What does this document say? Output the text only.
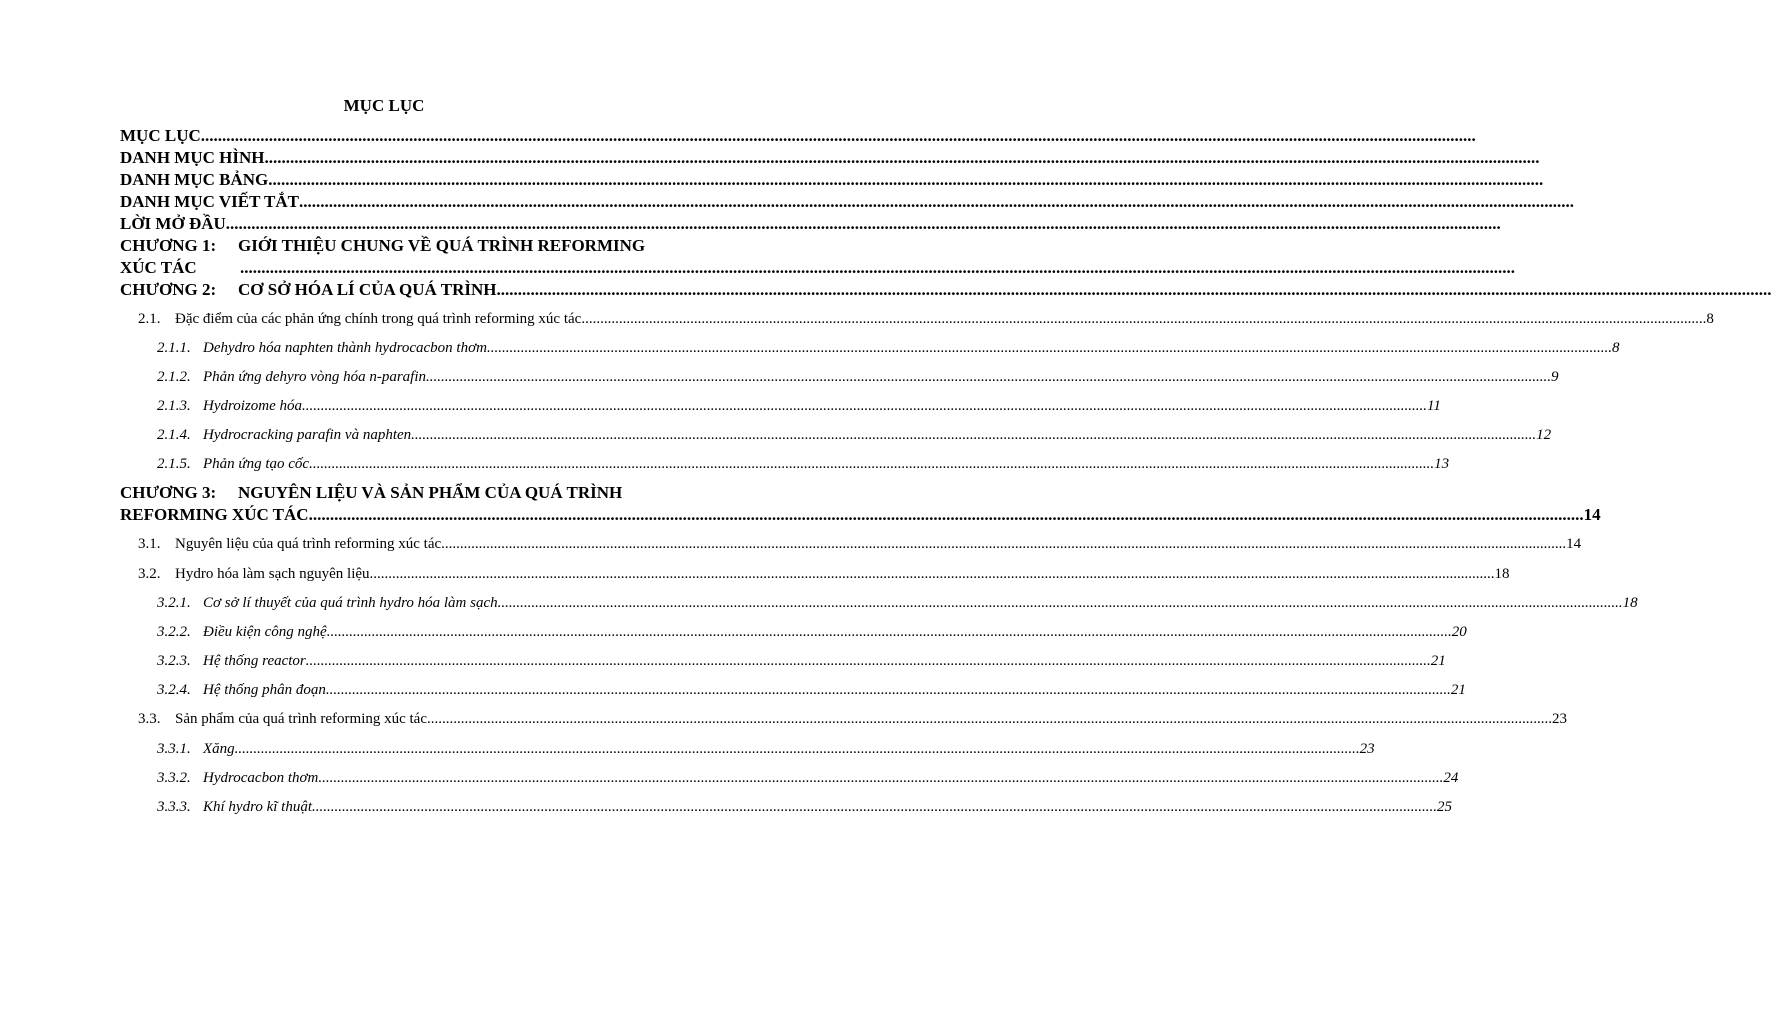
MỤC LỤC
MỤC LỤC ............................................................................................................................................................................................................................................................................................................
DANH MỤC HÌNH ............................................................................................................................................................................................................................................................................................................
DANH MỤC BẢNG ............................................................................................................................................................................................................................................................................................................
DANH MỤC VIẾT TẮT ............................................................................................................................................................................................................................................................................................................
LỜI MỞ ĐẦU ............................................................................................................................................................................................................................................................................................................
CHƯƠNG 1: GIỚI THIỆU CHUNG VỀ QUÁ TRÌNH REFORMING
XÚC TÁC	............................................................................................................................................................................................................................................................................................................
CHƯƠNG 2: CƠ SỞ HÓA LÍ CỦA QUÁ TRÌNH ............................................................................................................................................................................................................................................................................................................
2.1. Đặc điểm của các phản ứng chính trong quá trình reforming xúc tác ............................................................................................................................................................................................................................................................................................................ 8
2.1.1. Dehydro hóa naphten thành hydrocacbon thơm ............................................................................................................................................................................................................................................................................................................ 8
2.1.2. Phản ứng dehyro vòng hóa n-parafin ............................................................................................................................................................................................................................................................................................................ 9
2.1.3. Hydroizome hóa ............................................................................................................................................................................................................................................................................................................ 11
2.1.4. Hydrocracking parafin và naphten ............................................................................................................................................................................................................................................................................................................ 12
2.1.5. Phản ứng tạo cốc ............................................................................................................................................................................................................................................................................................................ 13
CHƯƠNG 3: NGUYÊN LIỆU VÀ SẢN PHẨM CỦA QUÁ TRÌNH
REFORMING XÚC TÁC ............................................................................................................................................................................................................................................................................................................ 14
3.1. Nguyên liệu của quá trình reforming xúc tác ............................................................................................................................................................................................................................................................................................................ 14
3.2. Hydro hóa làm sạch nguyên liệu ............................................................................................................................................................................................................................................................................................................ 18
3.2.1. Cơ sở lí thuyết của quá trình hydro hóa làm sạch ............................................................................................................................................................................................................................................................................................................ 18
3.2.2. Điều kiện công nghệ ............................................................................................................................................................................................................................................................................................................ 20
3.2.3. Hệ thống reactor ............................................................................................................................................................................................................................................................................................................ 21
3.2.4. Hệ thống phân đoạn ............................................................................................................................................................................................................................................................................................................ 21
3.3. Sản phẩm của quá trình reforming xúc tác ............................................................................................................................................................................................................................................................................................................ 23
3.3.1. Xăng ............................................................................................................................................................................................................................................................................................................ 23
3.3.2. Hydrocacbon thơm ............................................................................................................................................................................................................................................................................................................ 24
3.3.3. Khí hydro kĩ thuật ............................................................................................................................................................................................................................................................................................................ 25
